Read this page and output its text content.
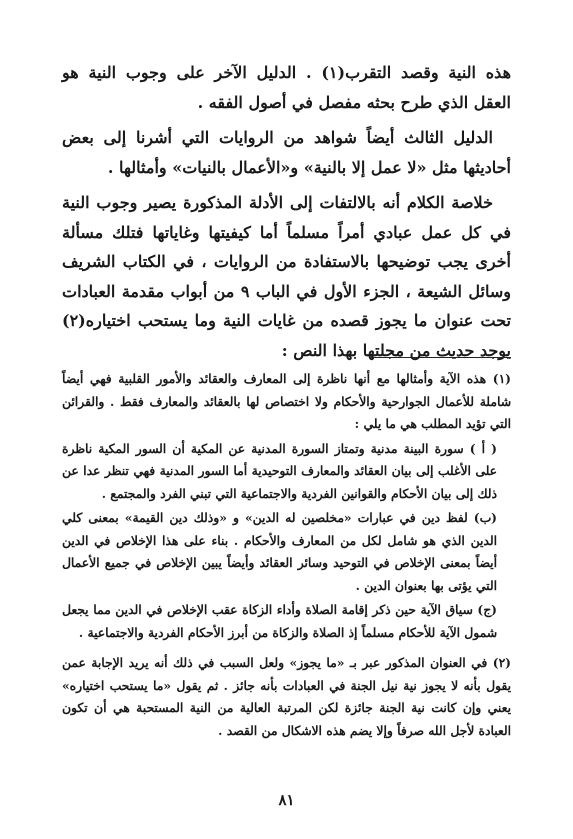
هذه النية وقصد التقرب(١) . الدليل الآخر على وجوب النية هو العقل الذي طرح بحثه مفصل في أصول الفقه .

الدليل الثالث أيضاً شواهد من الروايات التي أشرنا إلى بعض أحاديثها مثل «لا عمل إلا بالنية» و«الأعمال بالنيات» وأمثالها .

خلاصة الكلام أنه بالالتفات إلى الأدلة المذكورة يصير وجوب النية في كل عمل عبادي أمراً مسلماً أما كيفيتها وغاياتها فتلك مسألة أخرى يجب توضيحها بالاستفادة من الروايات ، في الكتاب الشريف وسائل الشيعة ، الجزء الأول في الباب ٩ من أبواب مقدمة العبادات تحت عنوان ما يجوز قصده من غايات النية وما يستحب اختياره(٢) يوجد حديث من مجلتها بهذا النص :

(١) هذه الآية وأمثالها مع أنها ناظرة إلى المعارف والعقائد والأمور القلبية فهي أيضاً شاملة للأعمال الجوارحية والأحكام ولا اختصاص لها بالعقائد والمعارف فقط . والقرائن التي تؤيد المطلب هي ما يلي :

( أ ) سورة البينة مدنية وتمتاز السورة المدنية عن المكية أن السور المكية ناظرة على الأغلب إلى بيان العقائد والمعارف التوحيدية أما السور المدنية فهي تنظر عدا عن ذلك إلى بيان الأحكام والقوانين الفردية والاجتماعية التي تبني الفرد والمجتمع .

(ب) لفظ دين في عبارات «مخلصين له الدين» و «وذلك دين القيمة» بمعنى كلي الدين الذي هو شامل لكل من المعارف والأحكام . بناء على هذا الإخلاص في الدين أيضاً بمعنى الإخلاص في التوحيد وسائر العقائد وأيضاً يبين الإخلاص في جميع الأعمال التي يؤتى بها بعنوان الدين .

(ج) سياق الآية حين ذكر إقامة الصلاة وأداء الزكاة عقب الإخلاص في الدين مما يجعل شمول الآية للأحكام مسلماً إذ الصلاة والزكاة من أبرز الأحكام الفردية والاجتماعية .

(٢) في العنوان المذكور عبر بـ «ما يجوز» ولعل السبب في ذلك أنه يريد الإجابة عمن يقول بأنه لا يجوز نية نيل الجنة في العبادات بأنه جائز . ثم يقول «ما يستحب اختياره» يعني وإن كانت نية الجنة جائزة لكن المرتبة العالية من النية المستحبة هي أن تكون العبادة لأجل الله صرفاً وإلا يضم هذه الاشكال من القصد .

٨١
